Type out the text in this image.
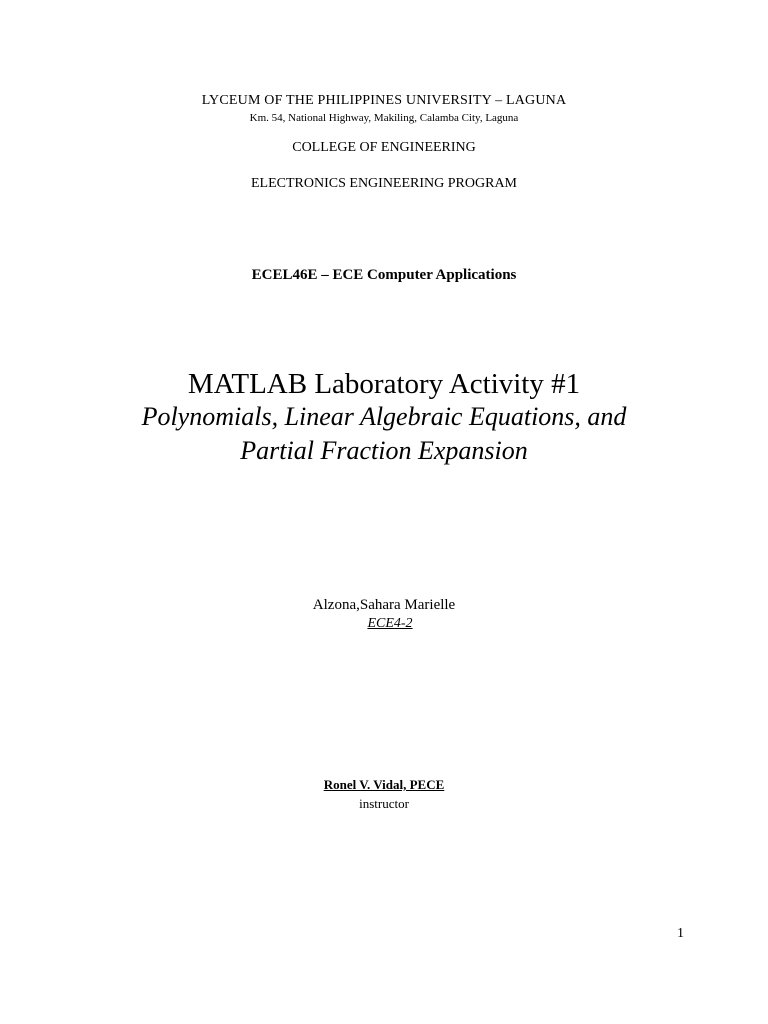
LYCEUM OF THE PHILIPPINES UNIVERSITY – LAGUNA
Km. 54, National Highway, Makiling, Calamba City, Laguna
COLLEGE OF ENGINEERING
ELECTRONICS ENGINEERING PROGRAM
ECEL46E – ECE Computer Applications
MATLAB Laboratory Activity #1
Polynomials, Linear Algebraic Equations, and
Partial Fraction Expansion
Alzona,Sahara Marielle
ECE4-2
Ronel V. Vidal, PECE
instructor
1
